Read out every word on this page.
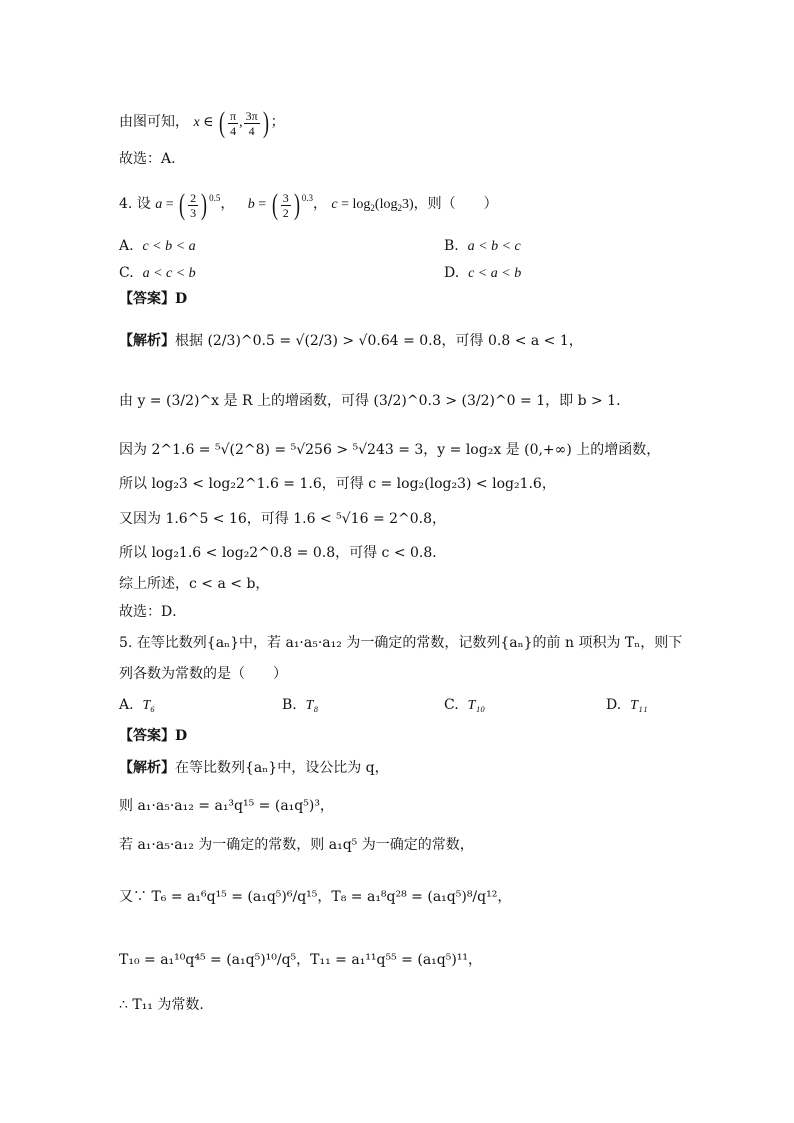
由图可知， x ∈ ( $\frac{\pi}{4}$ , $\frac{3\pi}{4}$ ) ；
故选：A.
4. 设 a = ( $\frac{2}{3}$ ) $^{0.5}$，   b = ( $\frac{3}{2}$ ) $^{0.3}$， $c = \log_2(\log_23)$，则（　　）
A. c < b < a	B. a < b < c
C. a < c < b	D. c < a < b
【答案】D
【解析】根据 (2/3)^0.5 = √(2/3) > √0.64 = 0.8，可得 0.8 < a < 1，
由 y = (3/2)^x 是 R 上的增函数，可得 (3/2)^0.3 > (3/2)^0 = 1，即 b > 1．
因为 2^1.6 = ⁵√(2^8) = ⁵√256 > ⁵√243 = 3，y = log₂x 是 (0,+∞) 上的增函数，
所以 log₂3 < log₂2^1.6 = 1.6，可得 c = log₂(log₂3) < log₂1.6，
又因为 1.6^5 < 16，可得 1.6 < ⁵√16 = 2^0.8，
所以 log₂1.6 < log₂2^0.8 = 0.8，可得 c < 0.8．
综上所述，c < a < b，
故选：D．
5. 在等比数列{aₙ}中，若 a₁·a₅·a₁₂ 为一确定的常数，记数列{aₙ}的前 n 项积为 Tₙ，则下
列各数为常数的是（　　）
A. T₆	B. T₈	C. T₁₀	D. T₁₁
【答案】D
【解析】在等比数列{aₙ}中，设公比为 q，
则 a₁·a₅·a₁₂ = a₁³q¹⁵ = (a₁q⁵)³，
若 a₁·a₅·a₁₂ 为一确定的常数，则 a₁q⁵ 为一确定的常数，
又∵ T₆ = a₁⁶q¹⁵ = (a₁q⁵)⁶/q¹⁵，T₈ = a₁⁸q²⁸ = (a₁q⁵)⁸/q¹²，
T₁₀ = a₁¹⁰q⁴⁵ = (a₁q⁵)¹⁰/q⁵，T₁₁ = a₁¹¹q⁵⁵ = (a₁q⁵)¹¹，
∴ T₁₁ 为常数.
